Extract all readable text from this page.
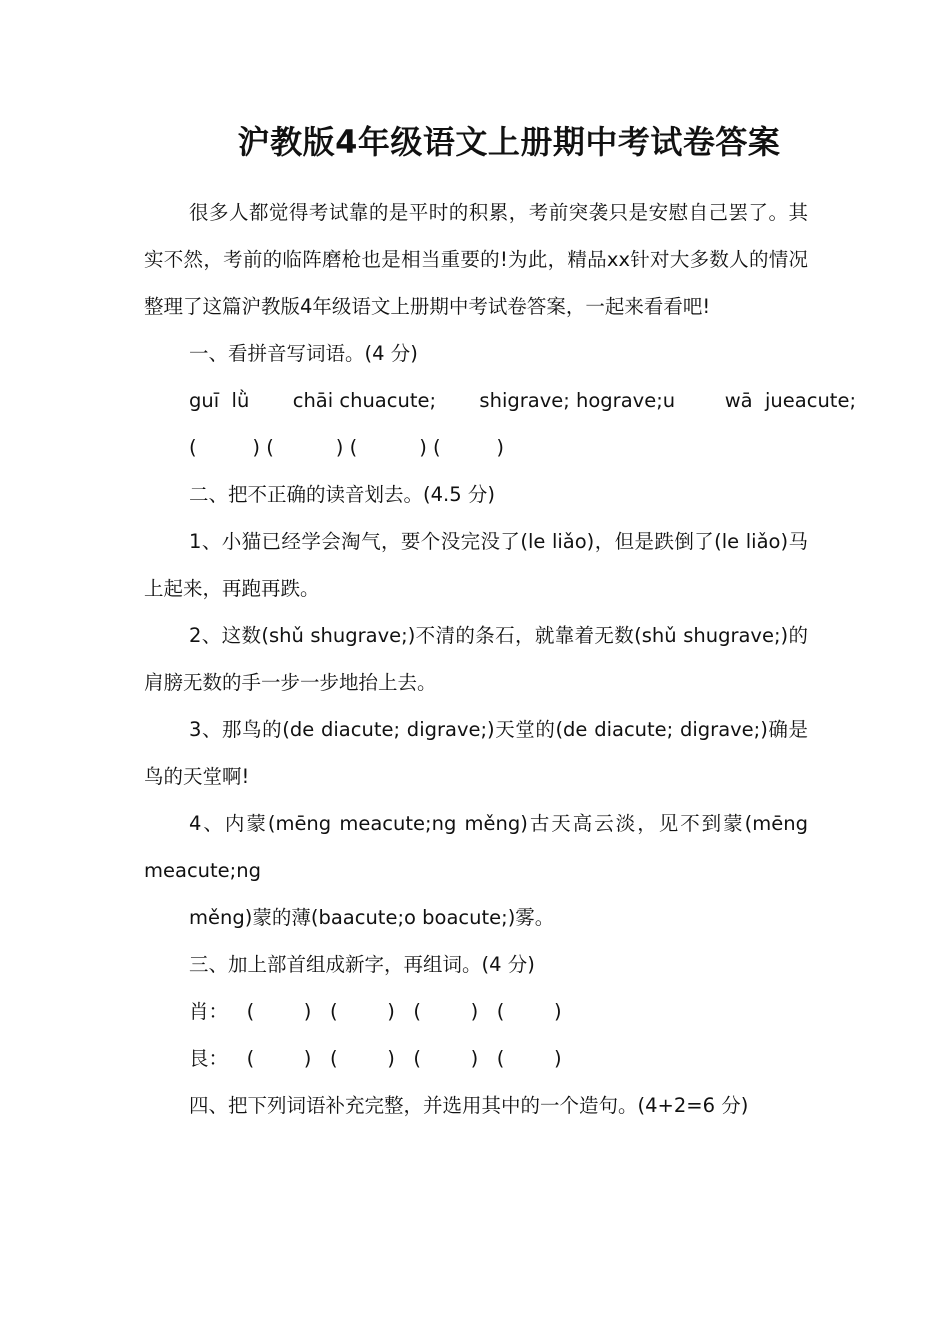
沪教版4年级语文上册期中考试卷答案

很多人都觉得考试靠的是平时的积累，考前突袭只是安慰自己罢了。其实不然，考前的临阵磨枪也是相当重要的!为此，精品xx针对大多数人的情况整理了这篇沪教版4年级语文上册期中考试卷答案，一起来看看吧!

一、看拼音写词语。(4 分)

guī  lǜ       chāi chuacute;       shigrave; hograve;u        wā  jueacute;

(         ) (          ) (          ) (         )

二、把不正确的读音划去。(4.5 分)

1、小猫已经学会淘气，要个没完没了(le liǎo)，但是跌倒了(le liǎo)马上起来，再跑再跌。

2、这数(shǔ shugrave;)不清的条石，就靠着无数(shǔ shugrave;)的肩膀无数的手一步一步地抬上去。

3、那鸟的(de diacute; digrave;)天堂的(de diacute; digrave;)确是鸟的天堂啊!

4、内蒙(mēng meacute;ng měng)古天高云淡，见不到蒙(mēng meacute;ng

měng)蒙的薄(baacute;o boacute;)雾。

三、加上部首组成新字，再组词。(4 分)

肖：   (        )   (        )   (        )   (        )

艮：   (        )   (        )   (        )   (        )

四、把下列词语补充完整，并选用其中的一个造句。(4+2=6 分)
